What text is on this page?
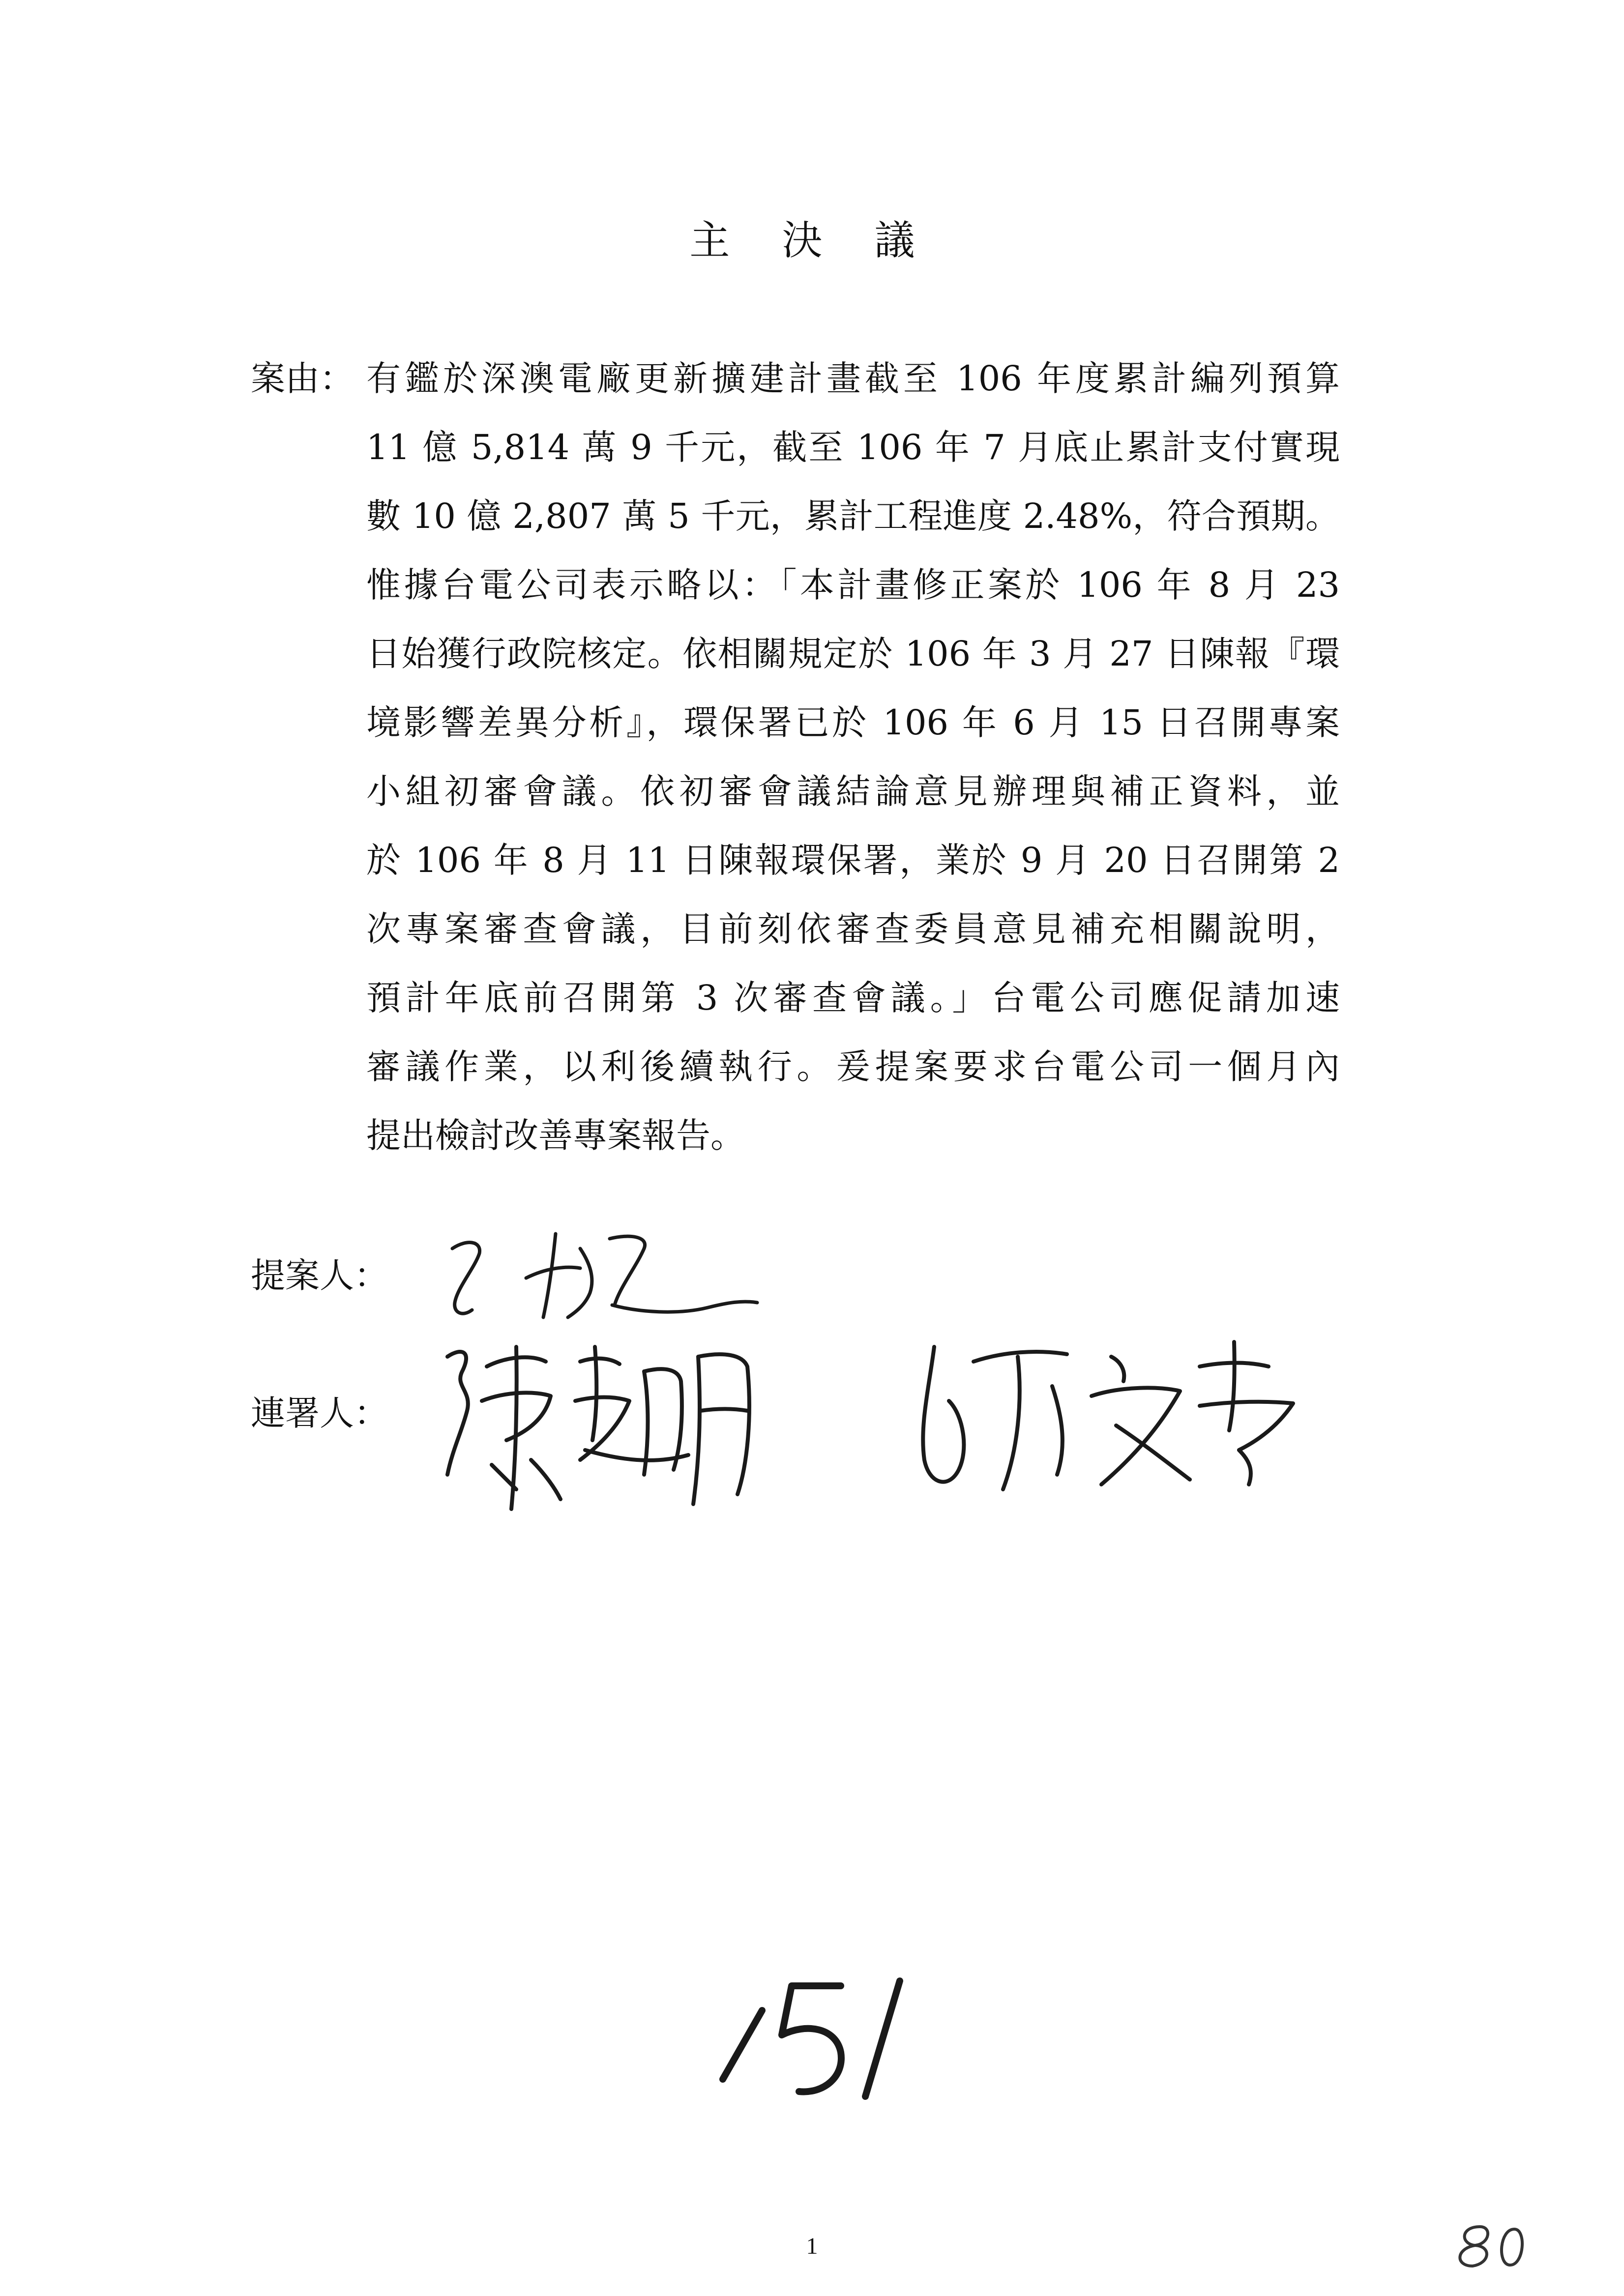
主 決 議
案由： 有鑑於深澳電廠更新擴建計畫截至 106 年度累計編列預算
11 億 5,814 萬 9 千元，截至 106 年 7 月底止累計支付實現
數 10 億 2,807 萬 5 千元，累計工程進度 2.48%，符合預期。
惟據台電公司表示略以：「本計畫修正案於 106 年 8 月 23
日始獲行政院核定。依相關規定於 106 年 3 月 27 日陳報『環
境影響差異分析』，環保署已於 106 年 6 月 15 日召開專案
小組初審會議。依初審會議結論意見辦理與補正資料，並
於 106 年 8 月 11 日陳報環保署，業於 9 月 20 日召開第 2
次專案審查會議，目前刻依審查委員意見補充相關說明，
預計年底前召開第 3 次審查會議。」台電公司應促請加速
審議作業，以利後續執行。爰提案要求台電公司一個月內
提出檢討改善專案報告。
提案人：
連署人：
1
